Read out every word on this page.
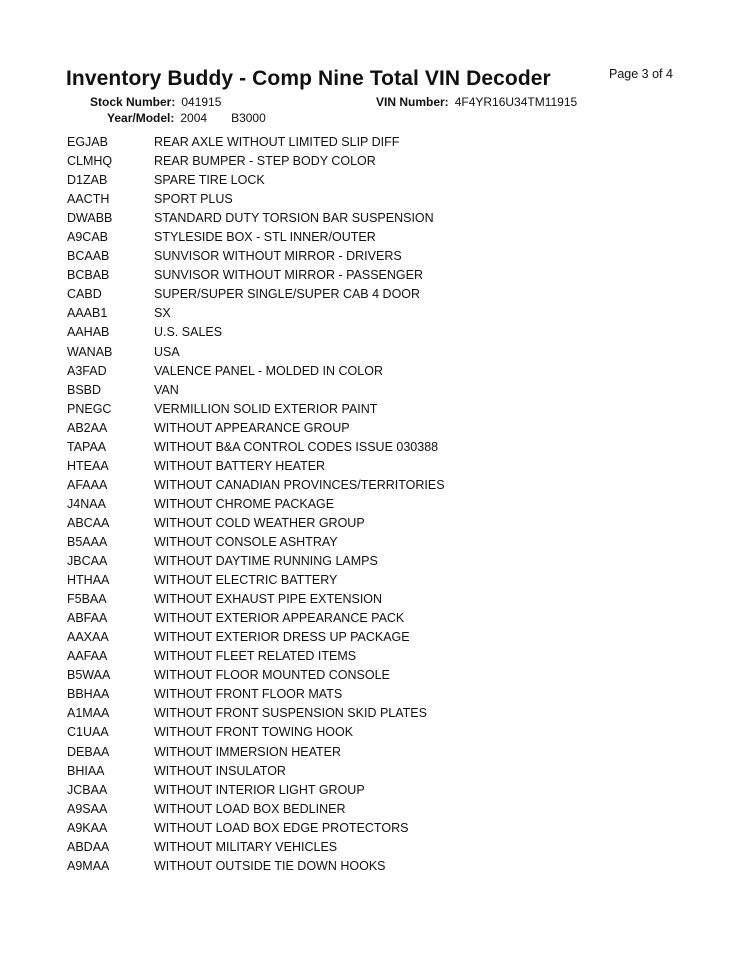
Inventory Buddy - Comp Nine Total VIN Decoder	Page 3 of 4
Stock Number: 041915	VIN Number: 4F4YR16U34TM11915
Year/Model: 2004 B3000
EGJAB	REAR AXLE WITHOUT LIMITED SLIP DIFF
CLMHQ	REAR BUMPER - STEP BODY COLOR
D1ZAB	SPARE TIRE LOCK
AACTH	SPORT PLUS
DWABB	STANDARD DUTY TORSION BAR SUSPENSION
A9CAB	STYLESIDE BOX - STL INNER/OUTER
BCAAB	SUNVISOR WITHOUT MIRROR - DRIVERS
BCBAB	SUNVISOR WITHOUT MIRROR - PASSENGER
CABD	SUPER/SUPER SINGLE/SUPER CAB 4 DOOR
AAAB1	SX
AAHAB	U.S. SALES
WANAB	USA
A3FAD	VALENCE PANEL - MOLDED IN COLOR
BSBD	VAN
PNEGC	VERMILLION SOLID EXTERIOR PAINT
AB2AA	WITHOUT APPEARANCE GROUP
TAPAA	WITHOUT B&A CONTROL CODES ISSUE 030388
HTEAA	WITHOUT BATTERY HEATER
AFAAA	WITHOUT CANADIAN PROVINCES/TERRITORIES
J4NAA	WITHOUT CHROME PACKAGE
ABCAA	WITHOUT COLD WEATHER GROUP
B5AAA	WITHOUT CONSOLE ASHTRAY
JBCAA	WITHOUT DAYTIME RUNNING LAMPS
HTHAA	WITHOUT ELECTRIC BATTERY
F5BAA	WITHOUT EXHAUST PIPE EXTENSION
ABFAA	WITHOUT EXTERIOR APPEARANCE PACK
AAXAA	WITHOUT EXTERIOR DRESS UP PACKAGE
AAFAA	WITHOUT FLEET RELATED ITEMS
B5WAA	WITHOUT FLOOR MOUNTED CONSOLE
BBHAA	WITHOUT FRONT FLOOR MATS
A1MAA	WITHOUT FRONT SUSPENSION SKID PLATES
C1UAA	WITHOUT FRONT TOWING HOOK
DEBAA	WITHOUT IMMERSION HEATER
BHIAA	WITHOUT INSULATOR
JCBAA	WITHOUT INTERIOR LIGHT GROUP
A9SAA	WITHOUT LOAD BOX BEDLINER
A9KAA	WITHOUT LOAD BOX EDGE PROTECTORS
ABDAA	WITHOUT MILITARY VEHICLES
A9MAA	WITHOUT OUTSIDE TIE DOWN HOOKS
